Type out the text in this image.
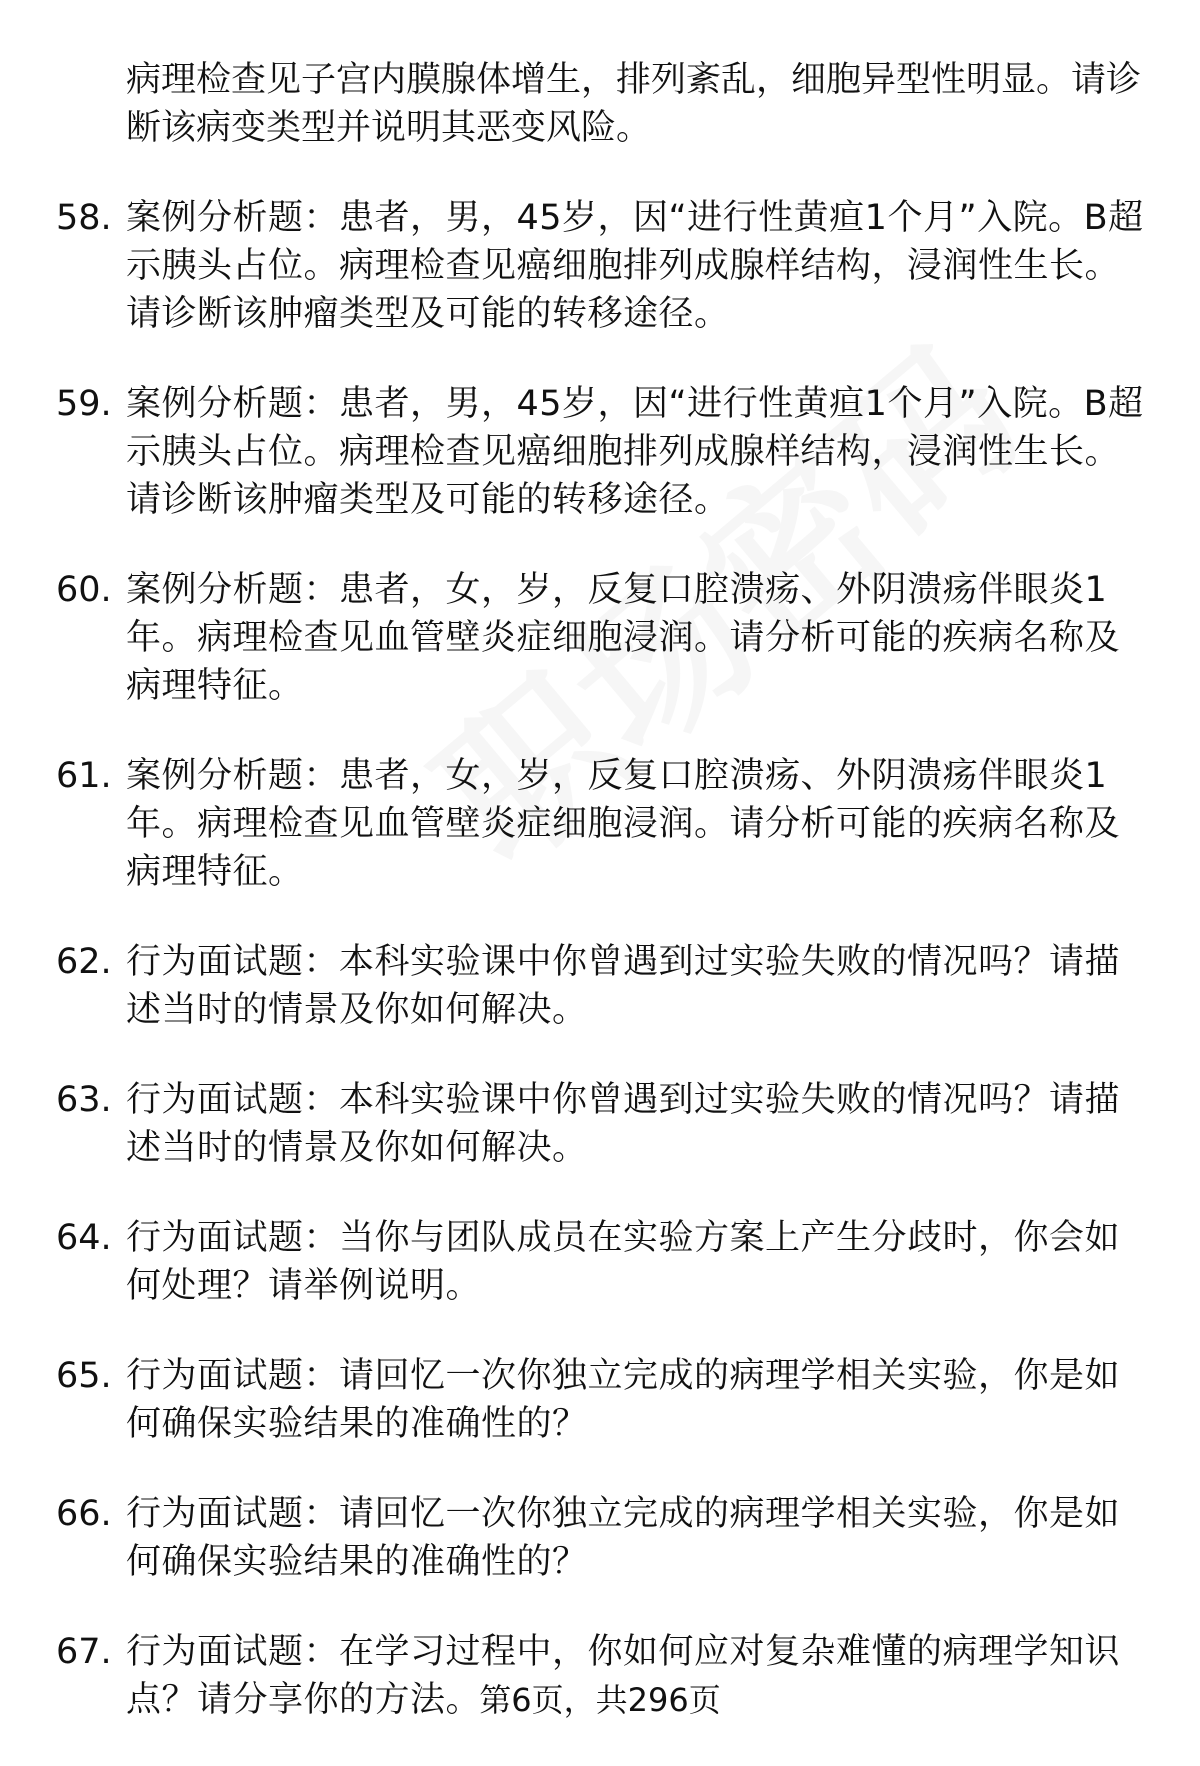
病理检查见子宫内膜腺体增生，排列紊乱，细胞异型性明显。请诊断该病变类型并说明其恶变风险。
58. 案例分析题：患者，男，45岁，因“进行性黄疸1个月”入院。B超示胰头占位。病理检查见癌细胞排列成腺样结构，浸润性生长。请诊断该肿瘤类型及可能的转移途径。
59. 案例分析题：患者，男，45岁，因“进行性黄疸1个月”入院。B超示胰头占位。病理检查见癌细胞排列成腺样结构，浸润性生长。请诊断该肿瘤类型及可能的转移途径。
60. 案例分析题：患者，女，岁，反复口腔溃疡、外阴溃疡伴眼炎1年。病理检查见血管壁炎症细胞浸润。请分析可能的疾病名称及病理特征。
61. 案例分析题：患者，女，岁，反复口腔溃疡、外阴溃疡伴眼炎1年。病理检查见血管壁炎症细胞浸润。请分析可能的疾病名称及病理特征。
62. 行为面试题：本科实验课中你曾遇到过实验失败的情况吗？请描述当时的情景及你如何解决。
63. 行为面试题：本科实验课中你曾遇到过实验失败的情况吗？请描述当时的情景及你如何解决。
64. 行为面试题：当你与团队成员在实验方案上产生分歧时，你会如何处理？请举例说明。
65. 行为面试题：请回忆一次你独立完成的病理学相关实验，你是如何确保实验结果的准确性的？
66. 行为面试题：请回忆一次你独立完成的病理学相关实验，你是如何确保实验结果的准确性的？
67. 行为面试题：在学习过程中，你如何应对复杂难懂的病理学知识点？请分享你的方法。
第6页，共296页
